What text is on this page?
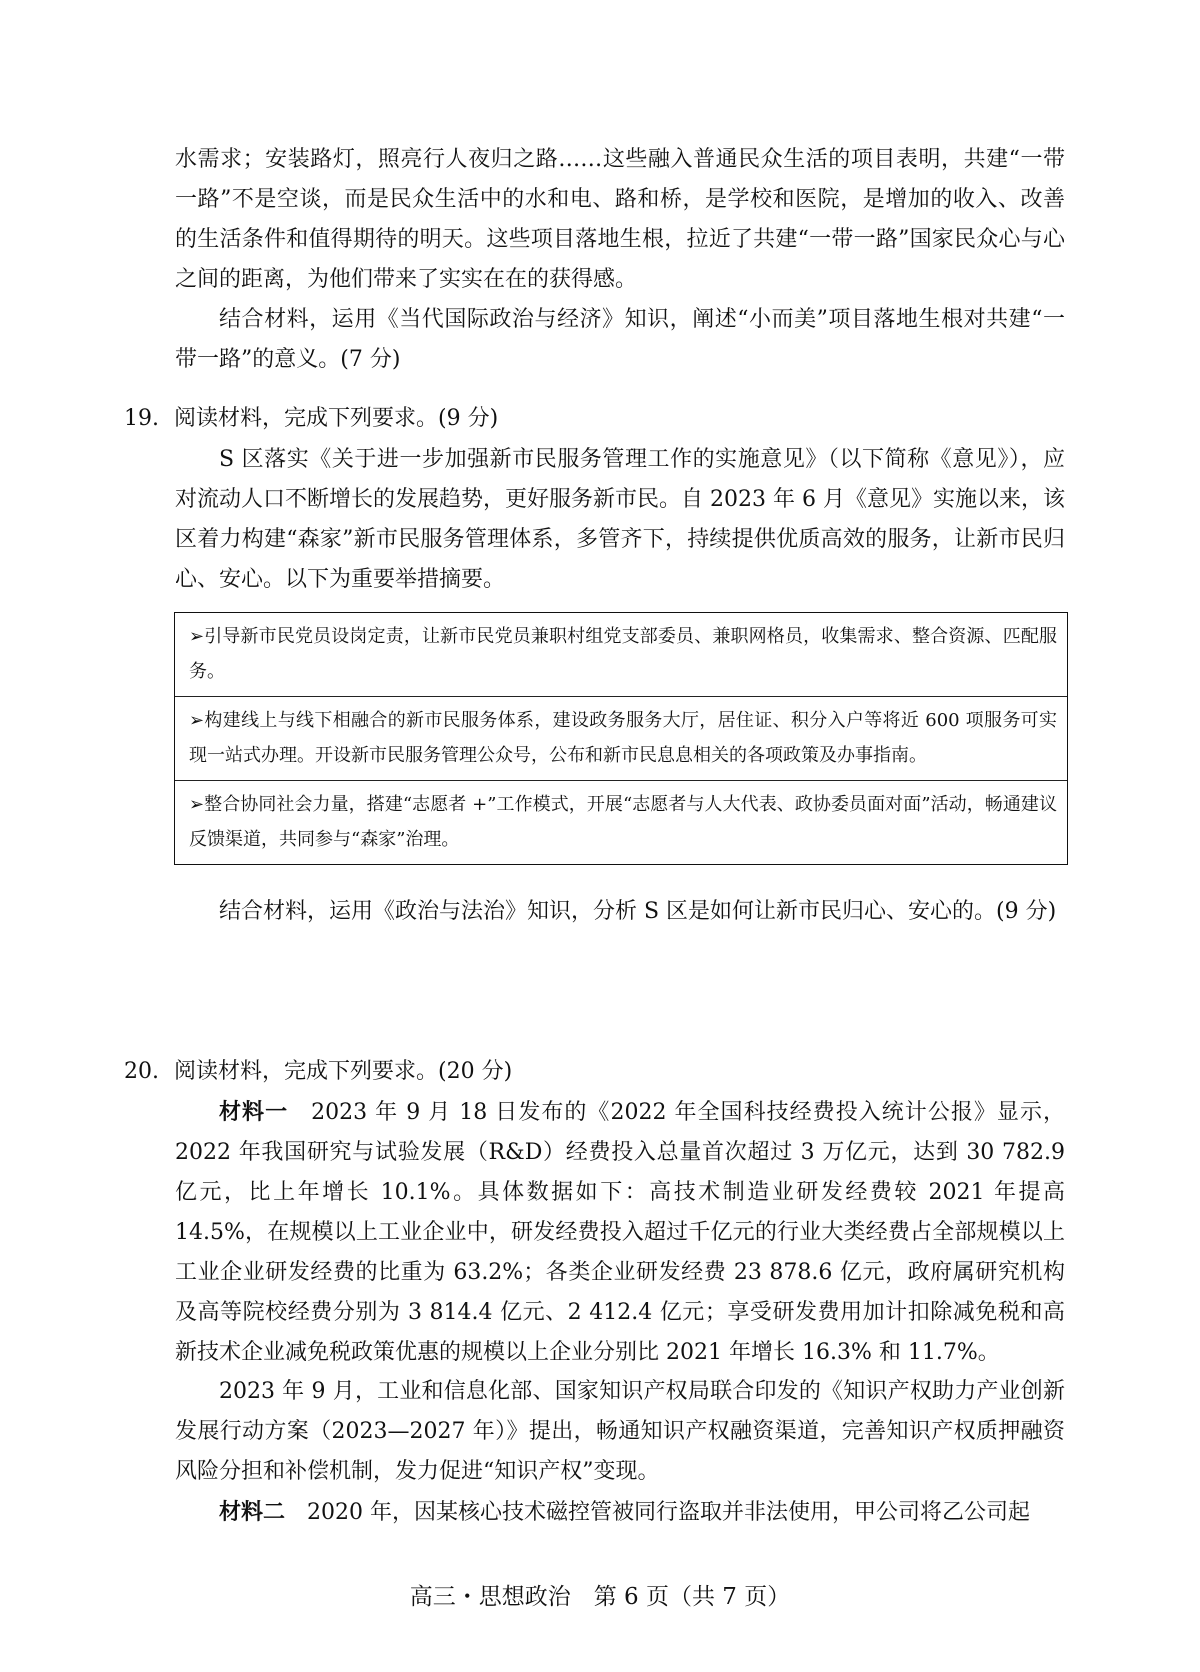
水需求；安装路灯，照亮行人夜归之路……这些融入普通民众生活的项目表明，共建“一带一路”不是空谈，而是民众生活中的水和电、路和桥，是学校和医院，是增加的收入、改善的生活条件和值得期待的明天。这些项目落地生根，拉近了共建“一带一路”国家民众心与心之间的距离，为他们带来了实实在在的获得感。

结合材料，运用《当代国际政治与经济》知识，阐述“小而美”项目落地生根对共建“一带一路”的意义。(7 分)

19. 阅读材料，完成下列要求。(9 分)

S 区落实《关于进一步加强新市民服务管理工作的实施意见》（以下简称《意见》），应对流动人口不断增长的发展趋势，更好服务新市民。自 2023 年 6 月《意见》实施以来，该区着力构建“森家”新市民服务管理体系，多管齐下，持续提供优质高效的服务，让新市民归心、安心。以下为重要举措摘要。

➢引导新市民党员设岗定责，让新市民党员兼职村组党支部委员、兼职网格员，收集需求、整合资源、匹配服务。
➢构建线上与线下相融合的新市民服务体系，建设政务服务大厅，居住证、积分入户等将近 600 项服务可实现一站式办理。开设新市民服务管理公众号，公布和新市民息息相关的各项政策及办事指南。
➢整合协同社会力量，搭建“志愿者 +”工作模式，开展“志愿者与人大代表、政协委员面对面”活动，畅通建议反馈渠道，共同参与“森家”治理。

结合材料，运用《政治与法治》知识，分析 S 区是如何让新市民归心、安心的。(9 分)

20. 阅读材料，完成下列要求。(20 分)

材料一　2023 年 9 月 18 日发布的《2022 年全国科技经费投入统计公报》显示，2022 年我国研究与试验发展（R&D）经费投入总量首次超过 3 万亿元，达到 30 782.9 亿元，比上年增长 10.1%。具体数据如下：高技术制造业研发经费较 2021 年提高 14.5%，在规模以上工业企业中，研发经费投入超过千亿元的行业大类经费占全部规模以上工业企业研发经费的比重为 63.2%；各类企业研发经费 23 878.6 亿元，政府属研究机构及高等院校经费分别为 3 814.4 亿元、2 412.4 亿元；享受研发费用加计扣除减免税和高新技术企业减免税政策优惠的规模以上企业分别比 2021 年增长 16.3% 和 11.7%。

2023 年 9 月，工业和信息化部、国家知识产权局联合印发的《知识产权助力产业创新发展行动方案（2023—2027 年）》提出，畅通知识产权融资渠道，完善知识产权质押融资风险分担和补偿机制，发力促进“知识产权”变现。

材料二　2020 年，因某核心技术磁控管被同行盗取并非法使用，甲公司将乙公司起

高三・思想政治　第 6 页（共 7 页）
